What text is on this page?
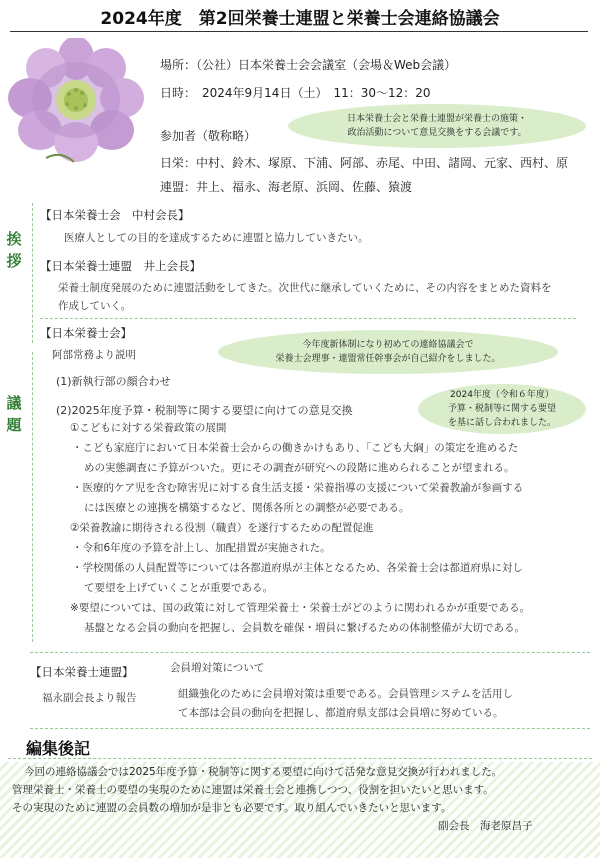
2024年度　第2回栄養士連盟と栄養士会連絡協議会
場所：（公社）日本栄養士会会議室（会場＆Web会議）
日時：　2024年9月14日（土）　11：30～12：20
参加者（敬称略）
日本栄養士会と栄養士連盟が栄養士の施策・
政治活動について意見交換をする会議です。
日栄：中村、鈴木、塚原、下浦、阿部、赤尾、中田、諸岡、元家、西村、原
連盟：井上、福永、海老原、浜岡、佐藤、猿渡
挨
拶
【日本栄養士会　中村会長】
医療人としての目的を達成するために連盟と協力していきたい。
【日本栄養士連盟　井上会長】
栄養士制度発展のために連盟活動をしてきた。次世代に継承していくために、その内容をまとめた資料を
作成していく。
【日本栄養士会】
阿部常務より説明
今年度新体制になり初めての連絡協議会で
栄養士会理事・連盟常任幹事会が自己紹介をしました。
議
題
(1)新執行部の顔合わせ
2024年度（令和６年度）
予算・税制等に関する要望
を基に話し合われました。
(2)2025年度予算・税制等に関する要望に向けての意見交換
①こどもに対する栄養政策の展開
・こども家庭庁において日本栄養士会からの働きかけもあり、「こども大綱」の策定を進めるた
めの実態調査に予算がついた。更にその調査が研究への段階に進められることが望まれる。
・医療的ケア児を含む障害児に対する食生活支援・栄養指導の支援について栄養教諭が参画する
には医療との連携を構築するなど、関係各所との調整が必要である。
②栄養教諭に期待される役割（職責）を遂行するための配置促進
・令和6年度の予算を計上し、加配措置が実施された。
・学校関係の人員配置等については各都道府県が主体となるため、各栄養士会は都道府県に対し
て要望を上げていくことが重要である。
※要望については、国の政策に対して管理栄養士・栄養士がどのように関われるかが重要である。
基盤となる会員の動向を把握し、会員数を確保・増員に繋げるための体制整備が大切である。
【日本栄養士連盟】
福永副会長より報告
会員増対策について
組織強化のために会員増対策は重要である。会員管理システムを活用し
て本部は会員の動向を把握し、都道府県支部は会員増に努めている。
編集後記
今回の連絡協議会では2025年度予算・税制等に関する要望に向けて活発な意見交換が行われました。
管理栄養士・栄養士の要望の実現のために連盟は栄養士会と連携しつつ、役割を担いたいと思います。
その実現のために連盟の会員数の増加が是非とも必要です。取り組んでいきたいと思います。
副会長　海老原昌子
